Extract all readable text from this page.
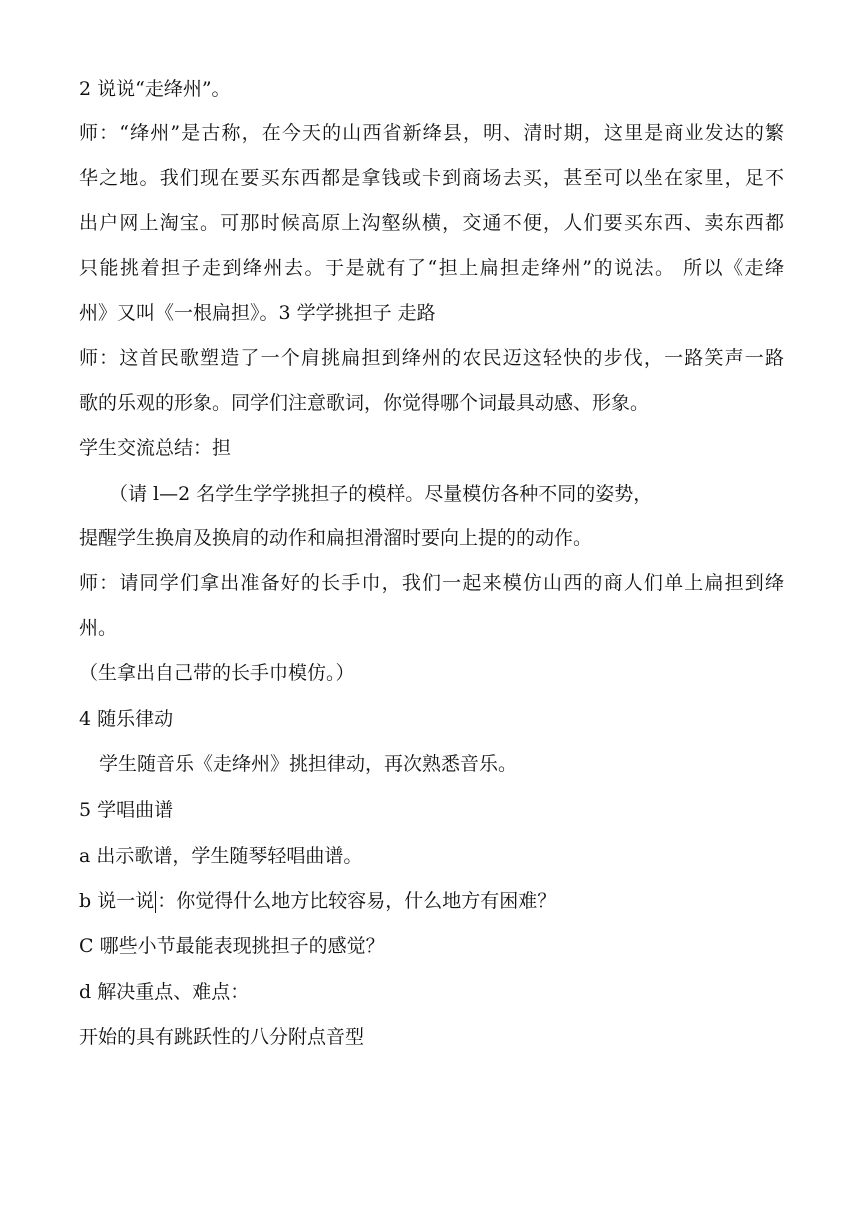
2 说说“走绛州”。
师：“绛州”是古称，在今天的山西省新绛县，明、清时期，这里是商业发达的繁
华之地。我们现在要买东西都是拿钱或卡到商场去买，甚至可以坐在家里，足不
出户网上淘宝。可那时候高原上沟壑纵横，交通不便，人们要买东西、卖东西都
只能挑着担子走到绛州去。于是就有了“担上扁担走绛州”的说法。 所以《走绛
州》又叫《一根扁担》。3 学学挑担子 走路
师：这首民歌塑造了一个肩挑扁担到绛州的农民迈这轻快的步伐，一路笑声一路
歌的乐观的形象。同学们注意歌词，你觉得哪个词最具动感、形象。
学生交流总结：担
（请 l—2 名学生学学挑担子的模样。尽量模仿各种不同的姿势，
提醒学生换肩及换肩的动作和扁担滑溜时要向上提的的动作。
师：请同学们拿出准备好的长手巾，我们一起来模仿山西的商人们单上扁担到绛
州。
（生拿出自己带的长手巾模仿。）
4 随乐律动
学生随音乐《走绛州》挑担律动，再次熟悉音乐。
5 学唱曲谱
a 出示歌谱，学生随琴轻唱曲谱。
b 说一说 ：你觉得什么地方比较容易，什么地方有困难？
C 哪些小节最能表现挑担子的感觉？
d 解决重点、难点：
开始的具有跳跃性的八分附点音型
